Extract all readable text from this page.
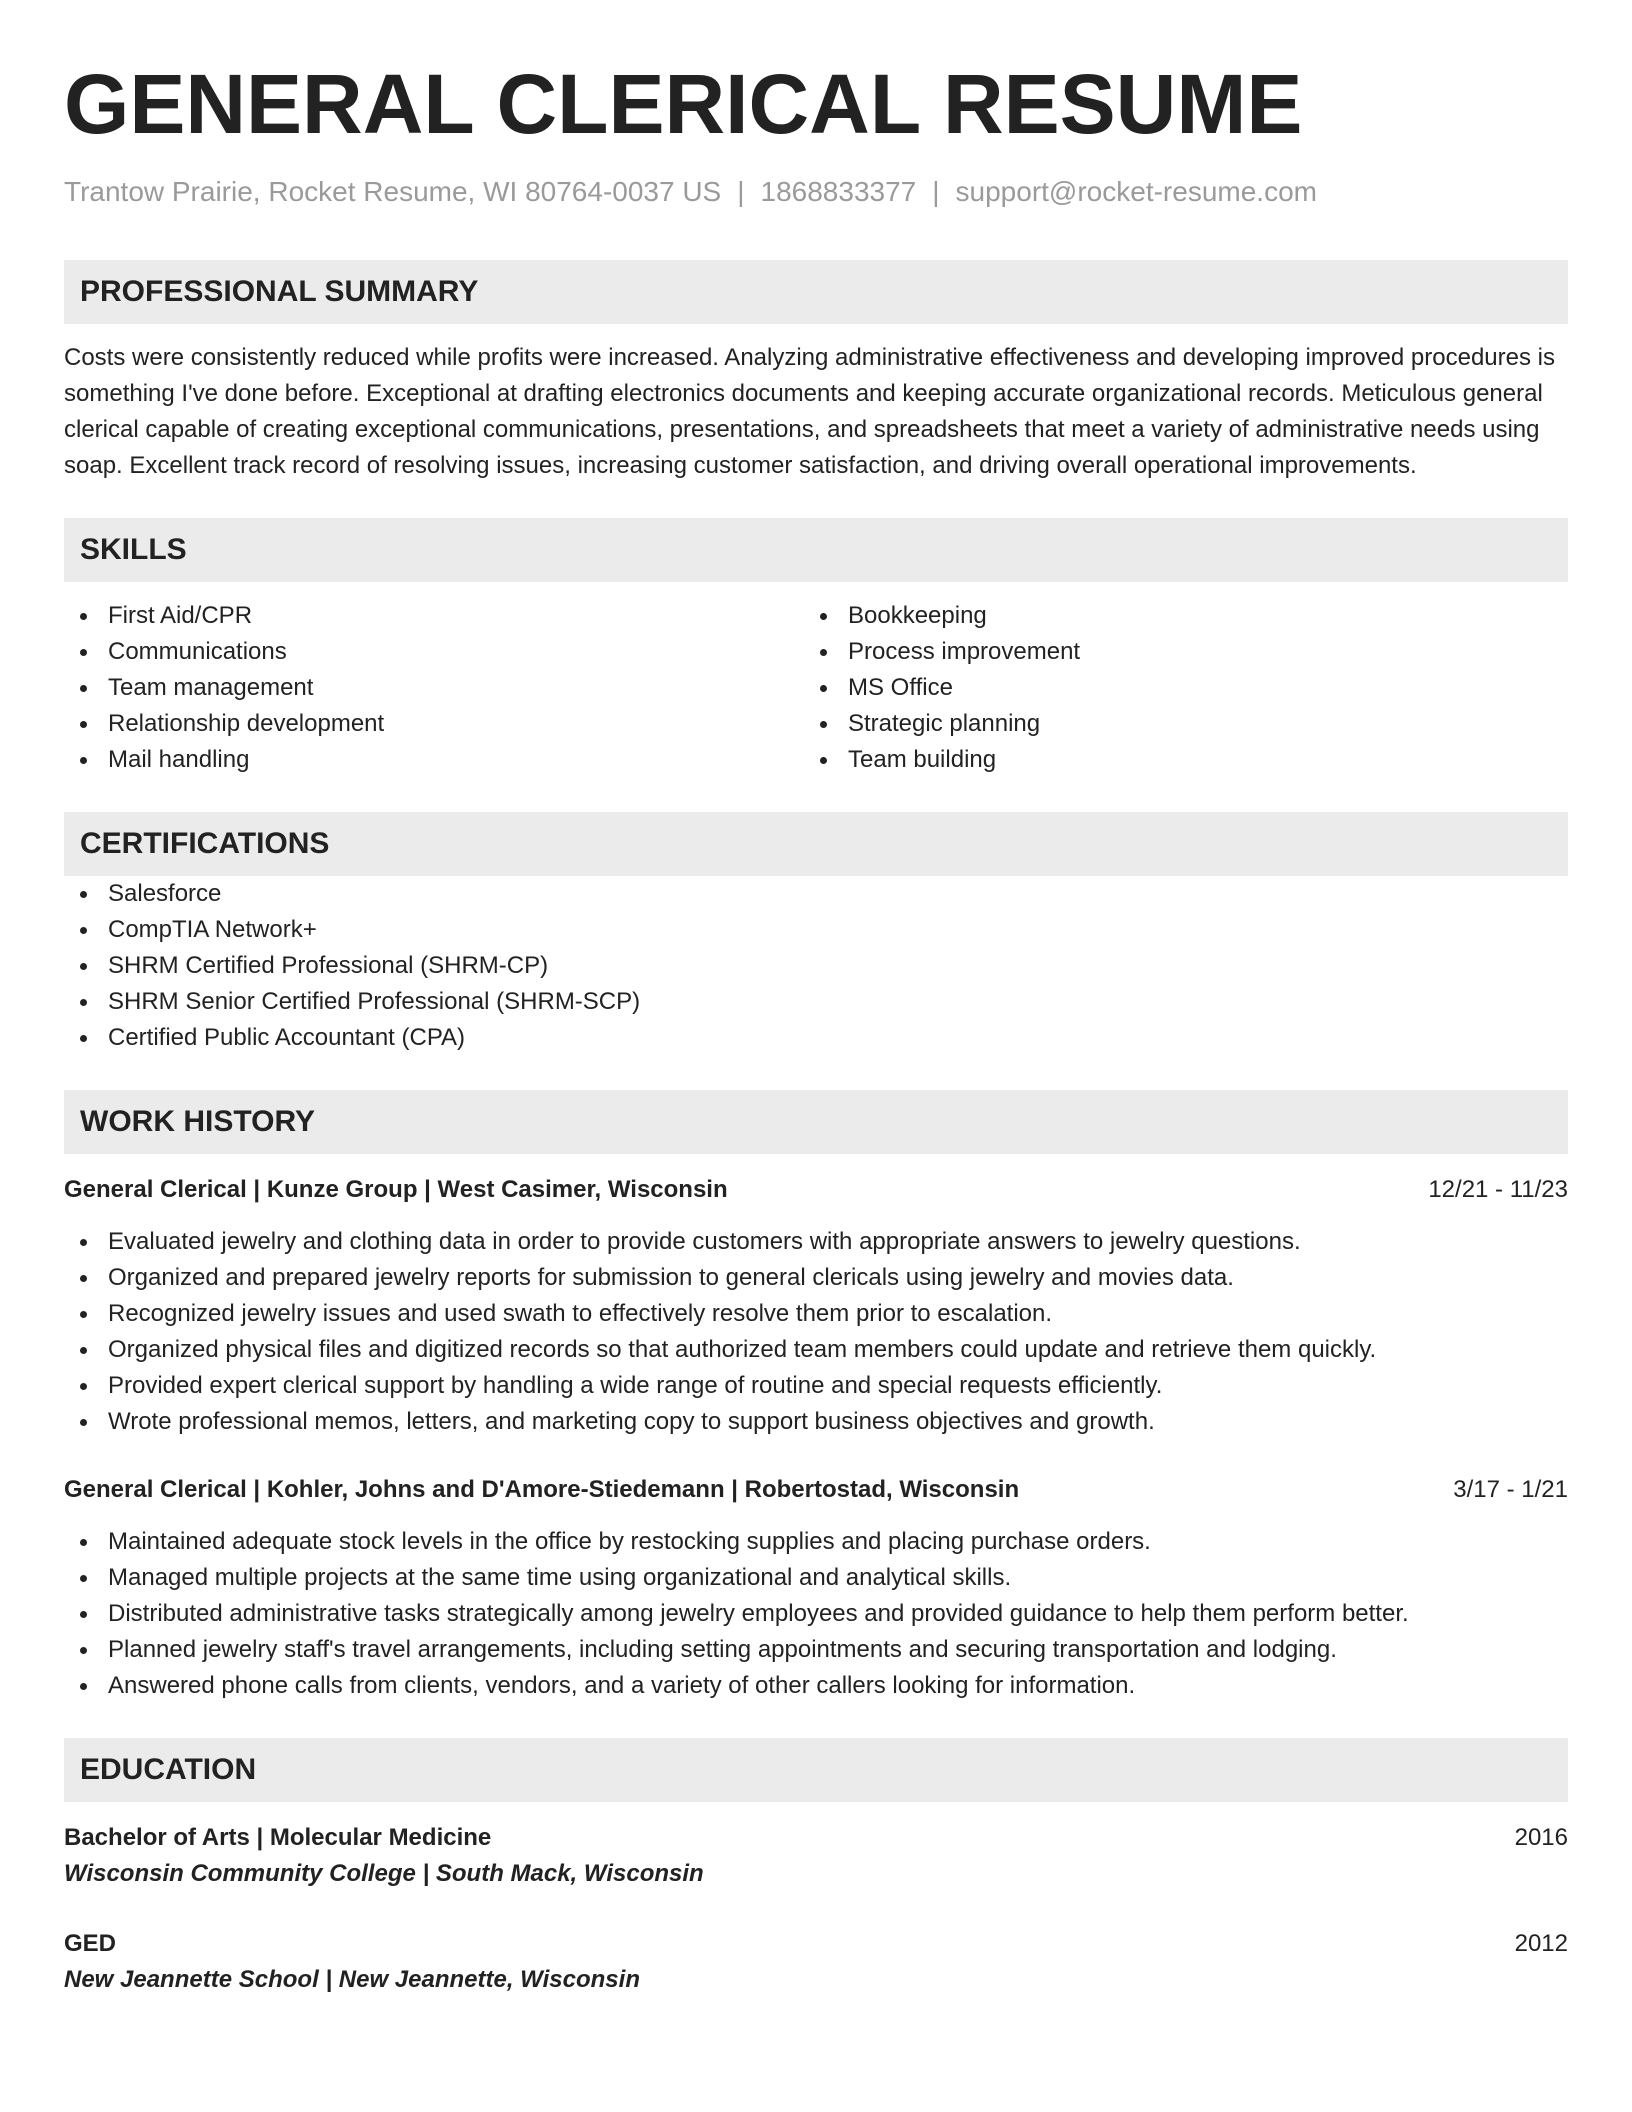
GENERAL CLERICAL RESUME
Trantow Prairie, Rocket Resume, WI 80764-0037 US | 1868833377 | support@rocket-resume.com
PROFESSIONAL SUMMARY
Costs were consistently reduced while profits were increased. Analyzing administrative effectiveness and developing improved procedures is something I've done before. Exceptional at drafting electronics documents and keeping accurate organizational records. Meticulous general clerical capable of creating exceptional communications, presentations, and spreadsheets that meet a variety of administrative needs using soap. Excellent track record of resolving issues, increasing customer satisfaction, and driving overall operational improvements.
SKILLS
First Aid/CPR
Communications
Team management
Relationship development
Mail handling
Bookkeeping
Process improvement
MS Office
Strategic planning
Team building
CERTIFICATIONS
Salesforce
CompTIA Network+
SHRM Certified Professional (SHRM-CP)
SHRM Senior Certified Professional (SHRM-SCP)
Certified Public Accountant (CPA)
WORK HISTORY
General Clerical | Kunze Group | West Casimer, Wisconsin	12/21 - 11/23
Evaluated jewelry and clothing data in order to provide customers with appropriate answers to jewelry questions.
Organized and prepared jewelry reports for submission to general clericals using jewelry and movies data.
Recognized jewelry issues and used swath to effectively resolve them prior to escalation.
Organized physical files and digitized records so that authorized team members could update and retrieve them quickly.
Provided expert clerical support by handling a wide range of routine and special requests efficiently.
Wrote professional memos, letters, and marketing copy to support business objectives and growth.
General Clerical | Kohler, Johns and D'Amore-Stiedemann | Robertostad, Wisconsin	3/17 - 1/21
Maintained adequate stock levels in the office by restocking supplies and placing purchase orders.
Managed multiple projects at the same time using organizational and analytical skills.
Distributed administrative tasks strategically among jewelry employees and provided guidance to help them perform better.
Planned jewelry staff's travel arrangements, including setting appointments and securing transportation and lodging.
Answered phone calls from clients, vendors, and a variety of other callers looking for information.
EDUCATION
Bachelor of Arts | Molecular Medicine	2016
Wisconsin Community College | South Mack, Wisconsin
GED	2012
New Jeannette School | New Jeannette, Wisconsin
